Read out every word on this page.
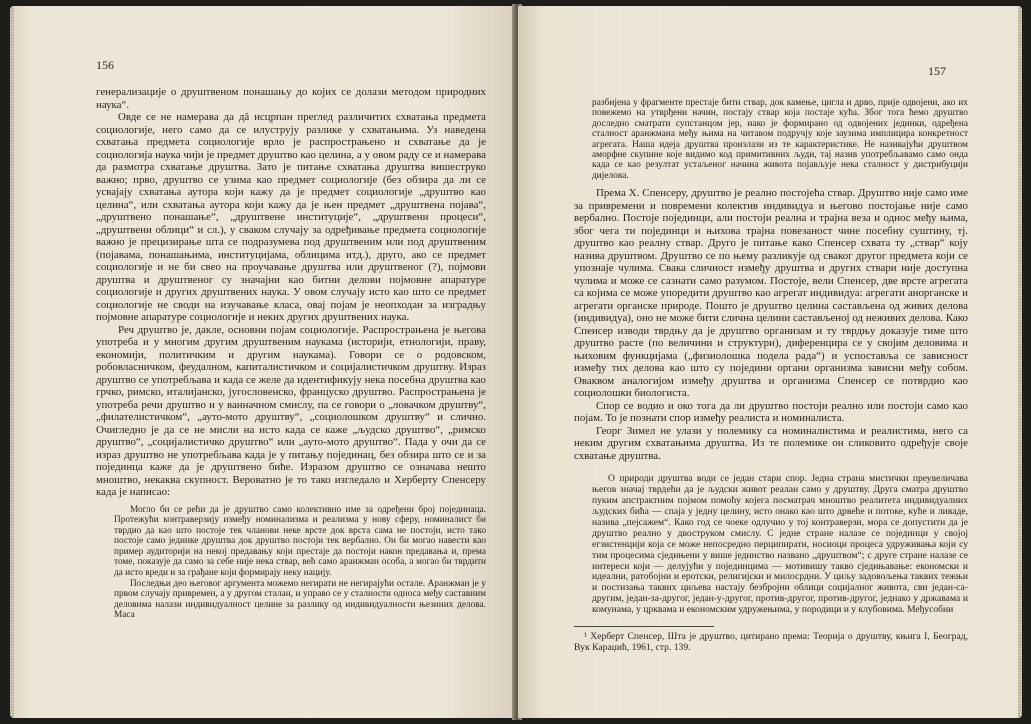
156

генерализације о друштвеном понашању до којих се долази методом природних наука“.

Овде се не намерава да дâ исцрпан преглед различитих схватања предмета социологије, него само да се илуструју разлике у схватањима. Уз наведена схватања предмета социологије врло је распрострањено и схватање да је социологија наука чији је предмет друштво као целина, а у овом раду се и намерава да размотра схватање друштва. Зато је питање схватања друштва вишеструко важно; прво, друштво се узима као предмет социологије (без обзира да ли се усвајају схватања аутора који кажу да је предмет социологије „друштво као целина“, или схватања аутора који кажу да је њен предмет „друштвена појава“, „друштвено понашање“, „друштвене институције“, „друштвени процеси“, „друштвени облици“ и сл.), у сваком случају за одређивање предмета социологије важно је прецизирање шта се подразумева под друштвеним или под друштвеним (појавама, понашањима, институцијама, облицима итд.), друго, ако се предмет социологије и не би свео на проучавање друштва или друштвеног (?), појмови друштва и друштвеног су значајни као битни делови појмовне апаратуре социологије и других друштвених наука. У овом случају исто као што се предмет социологије не своди на изучавање класа, овај појам је неопходан за изградњу појмовне апаратуре социологије и неких других друштвених наука.

Реч друштво је, дакле, основни појам социологије. Распрострањена је његова употреба и у многим другим друштвеним наукама (историји, етнологији, праву, економији, политичким и другим наукама). Говори се о родовском, робовласничком, феудалном, капиталистичком и социјалистичком друштву. Израз друштво се употребљава и када се желе да идентификују нека посебна друштва као грчко, римско, италијанско, југословенско, француско друштво. Распрострањена је употреба речи друштво и у ванначном смислу, па се говори о „ловачком друштву“, „филателистичком“, „ауто-мото друштву“, „социолошком друштву“ и слично. Очигледно је да се не мисли на исто када се каже „људско друштво“, „римско друштво“, „социјалистичко друштво“ или „ауто-мото друштво“. Пада у очи да се израз друштво не употребљава када је у питању појединац, без обзира што се и за појединца каже да је друштвено биће. Изразом друштво се означава нешто мноштво, некаква скупност. Вероватно је то тако изгледало и Херберту Спенсеру када је написао:

Могло би се рећи да је друштво само колективно име за одређени број појединаца. Протежући контраверзију између номинализма и реализма у нову сферу, номиналист би тврдио да као што постоје тек чланови неке врсте док врста сама не постоји, исто тако постоје само јединке друштва док друштво постоји тек вербално. Он би могао навести као пример аудиторији на некој предавању који престаје да постоји након предавања и, према томе, показује да само за себе није нека ствар, већ само аранжман особа, а могао би тврдити да исто вреди и за грађане који формирају неку нацију.

Последњи део његовог аргумента можемо негирати не негирајући остале. Аранжман је у првом случају привремен, а у другом сталан, и управо се у сталности односа међу саставним деловима налази индивидуалност целине за разлику од индивидуалности њезиних делова. Маса

157

разбијена у фрагменте престаје бити ствар, док камење, цигла и дрво, прије одвојени, ако их повежемо на утврђени начин, постају ствар која постаје кућа. Због тога ћемо друштво доследно сматрати супстанцом јер, иако је формирано од одвојених јединки, одређена сталност аранжмана међу њима на читавом подручју које заузима имплицира конкретност агрегата. Наша идеја друштва произлази из те карактеристике. Не називајући друштвом аморфне скупине које видимо код примитивних људи, тај назив употребљавамо само онда када се као резултат устаљеног начина живота појављује нека сталност у дистрибуцији дијелова.

Према Х. Спенсеру, друштво је реално постојећа ствар. Друштво није само име за привремени и повремени колектив индивидуа и његово постојање није само вербално. Постоје појединци, али постоји реална и трајна веза и однос међу њима, због чега ти појединци и њихова трајна повезаност чине посебну суштину, тј. друштво као реалну ствар. Друго је питање како Спенсер схвата ту „ствар“ коју назива друштвом. Друштво се по њему разликује од сваког другог предмета који се упознаје чулима. Свака сличност између друштва и других ствари није доступна чулима и може се сазнати само разумом. Постоје, вели Спенсер, две врсте агрегата са којима се може упоредити друштво као агрегат индивидуа: агрегати анорганске и агрегати органске природе. Пошто је друштво целина састављена од живих делова (индивидуа), оно не може бити слична целини састављеној од неживих делова. Како Спенсер изводи тврдњу да је друштво организам и ту тврдњу доказује тиме што друштво расте (по величини и структури), диференцира се у својим деловима и њиховим функцијама („физиолошка подела рада“) и успоставља се зависност између тих делова као што су поједини органи организма зависни међу собом. Оваквом аналогијом између друштва и организма Спенсер се потврдио као социолошки биологиста.

Спор се водио и око тога да ли друштво постоји реално или постоји само као појам. То је познати спор између реалиста и номиналиста.

Георг Зимел не улази у полемику са номиналистима и реалистима, него са неким другим схватањима друштва. Из те полемике он сликовито одређује своје схватање друштва.

О природи друштва води се један стари спор. Једна страна мистички преувеличава његов значај тврдећи да је људски живот реалан само у друштву. Друга сматра друштво пуким апстрактним појмом помоћу којега посматрач мноштво реалитета индивидуалних људских бића — спаја у једну целину, исто онако као што дрвеће и потоке, куће и ливаде, назива „пејсажем“. Како год се чоеке одлучио у тој контраверзи, мора се допустити да је друштво реално у двоструком смислу. С једне стране налазе се појединци у својој егзистенцији која се може непосредно перципирати, носиоци процеса удруживања који су тим процесима сједињени у више јединство названо „друштвом“; с друге стране налазе се интереси који — делујући у појединцима — мотивишу такво сједињавање: економски и идеални, ратобојни и еротски, религијски и милосрдни. У циљу задовољења таквих тежњи и постизања таквих циљева настају безбројни облици социјалног живота, сви један-са-другим, један-за-другог, један-у-другог, против-другог, против-другог, једнако у државама и комунама, у црквама и економским удружењима, у породици и у клубовима. Међусобни

¹ Херберт Спенсер, Шта је друштво, цитирано према: Теорија о друштву, књига I, Београд, Вук Караџић, 1961, стр. 139.
